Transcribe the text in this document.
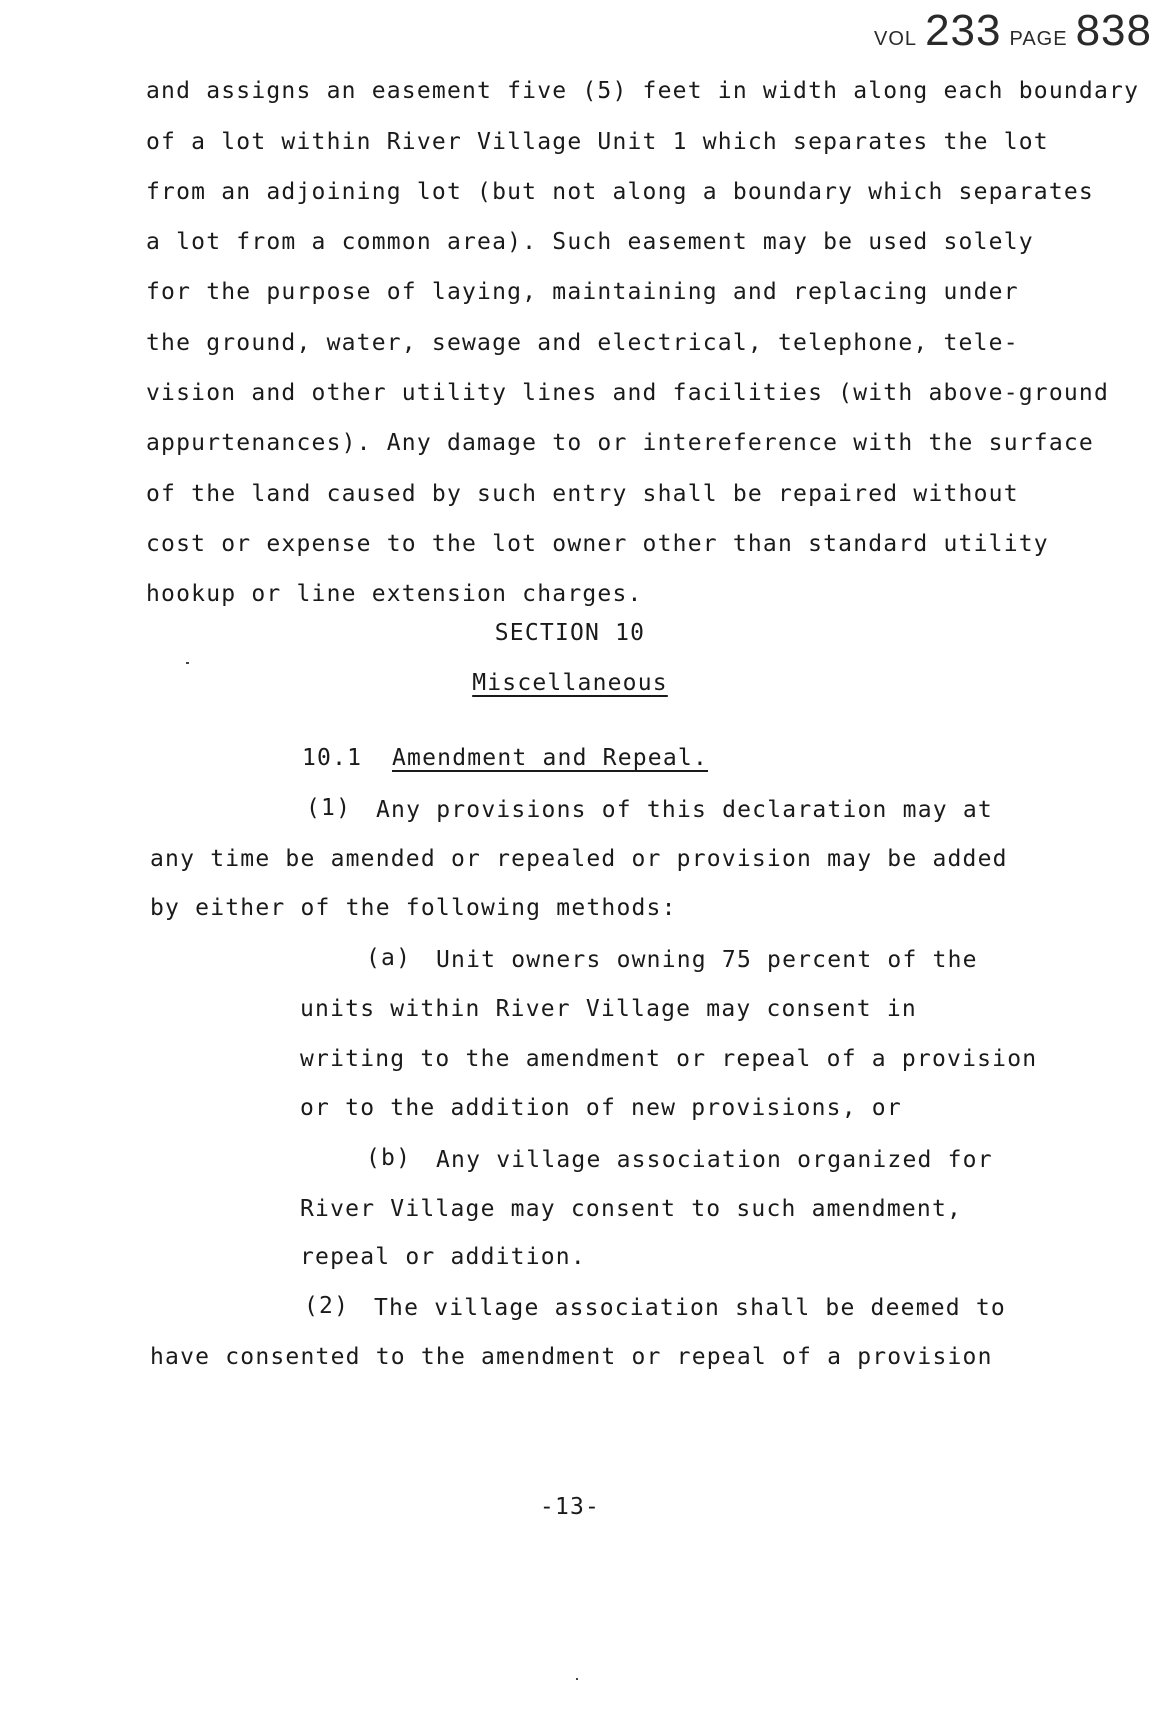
VOL 233 PAGE 838
and assigns an easement five (5) feet in width along each boundary
of a lot within River Village Unit 1 which separates the lot
from an adjoining lot (but not along a boundary which separates
a lot from a common area). Such easement may be used solely
for the purpose of laying, maintaining and replacing under
the ground, water, sewage and electrical, telephone, tele-
vision and other utility lines and facilities (with above-ground
appurtenances). Any damage to or intereference with the surface
of the land caused by such entry shall be repaired without
cost or expense to the lot owner other than standard utility
hookup or line extension charges.
SECTION 10
Miscellaneous
10.1 Amendment and Repeal.
(1) Any provisions of this declaration may at
any time be amended or repealed or provision may be added
by either of the following methods:
(a) Unit owners owning 75 percent of the
units within River Village may consent in
writing to the amendment or repeal of a provision
or to the addition of new provisions, or
(b) Any village association organized for
River Village may consent to such amendment,
repeal or addition.
(2) The village association shall be deemed to
have consented to the amendment or repeal of a provision
-13-
